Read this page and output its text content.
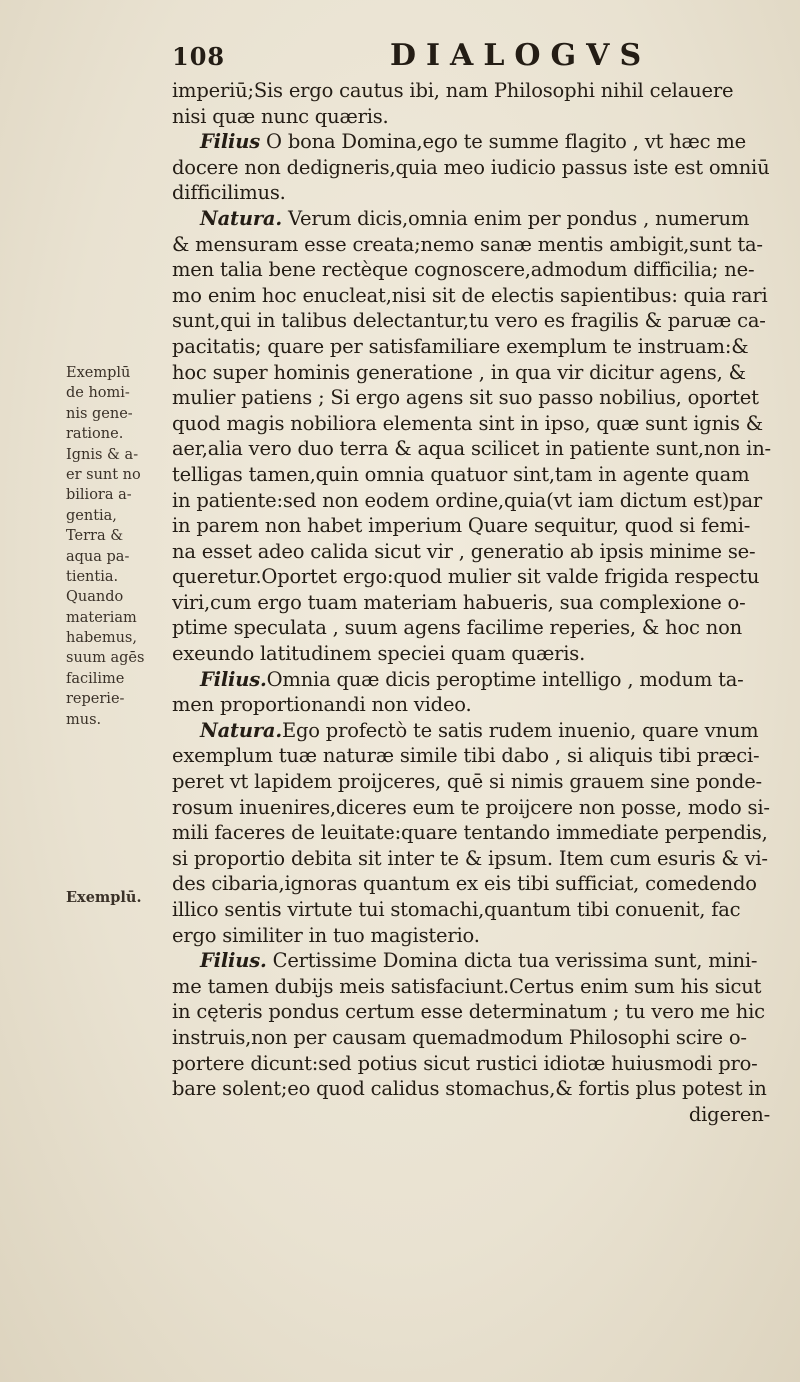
108	DIALOGVS
Exemplū
de homi-
nis gene-
ratione.
Ignis & a-
er sunt no
biliora a-
gentia,
Terra &
aqua pa-
tientia.
Quando
materiam
habemus,
suum agēs
facilime
reperie-
mus.
Exemplū.
imperiū;Sis ergo cautus ibi, nam Philosophi nihil celauere
nisi quæ nunc quæris.
Filius O bona Domina,ego te summe flagito , vt hæc me
docere non dedigneris,quia meo iudicio passus iste est omniū
difficilimus.
Natura. Verum dicis,omnia enim per pondus , numerum
& mensuram esse creata;nemo sanæ mentis ambigit,sunt ta-
men talia bene rectèque cognoscere,admodum difficilia; ne-
mo enim hoc enucleat,nisi sit de electis sapientibus: quia rari
sunt,qui in talibus delectantur,tu vero es fragilis & paruæ ca-
pacitatis; quare per satisfamiliare exemplum te instruam:&
hoc super hominis generatione , in qua vir dicitur agens, &
mulier patiens ; Si ergo agens sit suo passo nobilius, oportet
quod magis nobiliora elementa sint in ipso, quæ sunt ignis &
aer,alia vero duo terra & aqua scilicet in patiente sunt,non in-
telligas tamen,quin omnia quatuor sint,tam in agente quam
in patiente:sed non eodem ordine,quia(vt iam dictum est)par
in parem non habet imperium Quare sequitur, quod si femi-
na esset adeo calida sicut vir , generatio ab ipsis minime se-
queretur.Oportet ergo:quod mulier sit valde frigida respectu
viri,cum ergo tuam materiam habueris, sua complexione o-
ptime speculata , suum agens facilime reperies, & hoc non
exeundo latitudinem speciei quam quæris.
Filius.Omnia quæ dicis peroptime intelligo , modum ta-
men proportionandi non video.
Natura.Ego profectò te satis rudem inuenio, quare vnum
exemplum tuæ naturæ simile tibi dabo , si aliquis tibi præci-
peret vt lapidem proijceres, quē si nimis grauem sine ponde-
rosum inuenires,diceres eum te proijcere non posse, modo si-
mili faceres de leuitate:quare tentando immediate perpendis,
si proportio debita sit inter te & ipsum. Item cum esuris & vi-
des cibaria,ignoras quantum ex eis tibi sufficiat, comedendo
illico sentis virtute tui stomachi,quantum tibi conuenit, fac
ergo similiter in tuo magisterio.
Filius. Certissime Domina dicta tua verissima sunt, mini-
me tamen dubijs meis satisfaciunt.Certus enim sum his sicut
in cęteris pondus certum esse determinatum ; tu vero me hic
instruis,non per causam quemadmodum Philosophi scire o-
portere dicunt:sed potius sicut rustici idiotæ huiusmodi pro-
bare solent;eo quod calidus stomachus,& fortis plus potest in
digeren-
